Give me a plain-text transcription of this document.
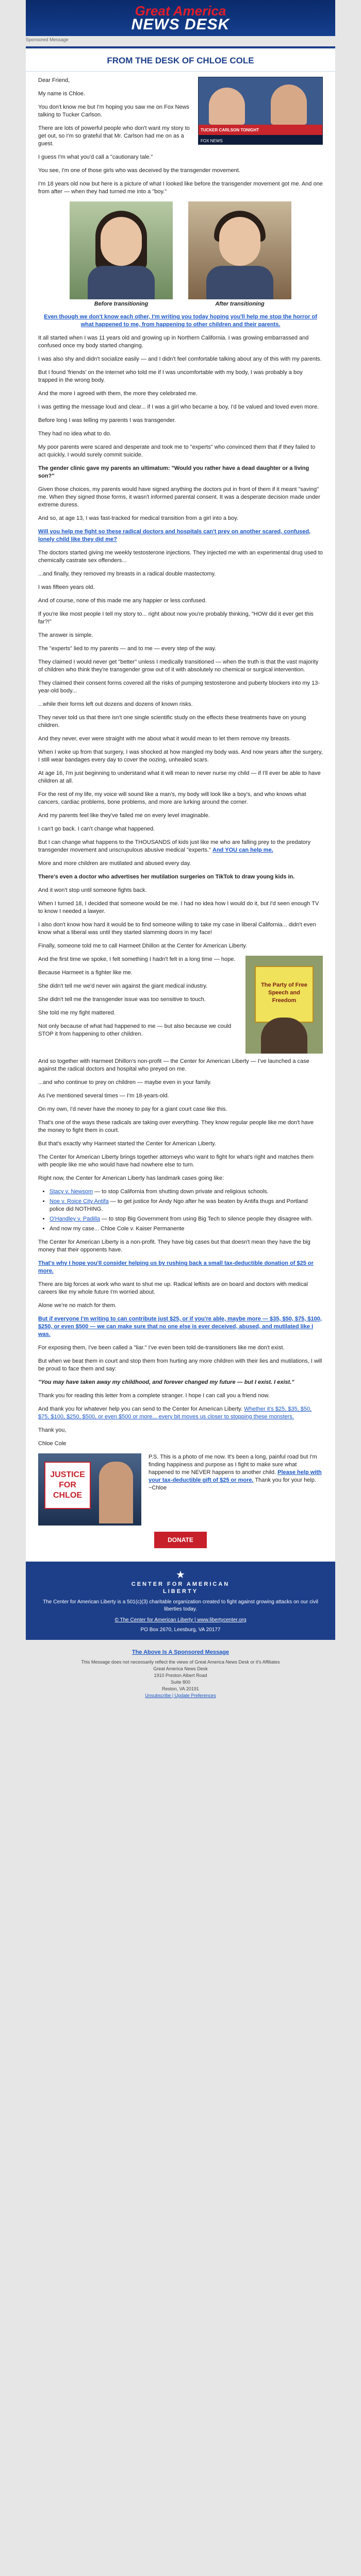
Great America
NEWS DESK
Sponsored Message
FROM THE DESK OF CHLOE COLE

Dear Friend,

My name is Chloe.

You don't know me but I'm hoping you saw me on Fox News talking to Tucker Carlson.

There are lots of powerful people who don't want my story to get out, so I'm so grateful that Mr. Carlson had me on as a guest.

TUCKER CARLSON TONIGHT
FOX NEWS

I guess I'm what you'd call a "cautionary tale."

You see, I'm one of those girls who was deceived by the transgender movement.

I'm 18 years old now but here is a picture of what I looked like before the transgender movement got me. And one from after — when they had turned me into a "boy."

Before transitioning	After transitioning

Even though we don't know each other, I'm writing you today hoping you'll help me stop the horror of what happened to me, from happening to other children and their parents.

It all started when I was 11 years old and growing up in Northern California. I was growing embarrassed and confused once my body started changing.

I was also shy and didn't socialize easily — and I didn't feel comfortable talking about any of this with my parents.

But I found 'friends' on the internet who told me if I was uncomfortable with my body, I was probably a boy trapped in the wrong body.

And the more I agreed with them, the more they celebrated me.

I was getting the message loud and clear... if I was a girl who became a boy, I'd be valued and loved even more.

Before long I was telling my parents I was transgender.

They had no idea what to do.

My poor parents were scared and desperate and took me to "experts" who convinced them that if they failed to act quickly, I would surely commit suicide.

The gender clinic gave my parents an ultimatum: "Would you rather have a dead daughter or a living son?"

Given those choices, my parents would have signed anything the doctors put in front of them if it meant "saving" me. When they signed those forms, it wasn't informed parental consent. It was a desperate decision made under extreme duress.

And so, at age 13, I was fast-tracked for medical transition from a girl into a boy.

Will you help me fight so these radical doctors and hospitals can't prey on another scared, confused, lonely child like they did me?

The doctors started giving me weekly testosterone injections. They injected me with an experimental drug used to chemically castrate sex offenders...

...and finally, they removed my breasts in a radical double mastectomy.

I was fifteen years old.

And of course, none of this made me any happier or less confused.

If you're like most people I tell my story to... right about now you're probably thinking, "HOW did it ever get this far?!"

The answer is simple.

The "experts" lied to my parents — and to me — every step of the way.

They claimed I would never get "better" unless I medically transitioned — when the truth is that the vast majority of children who think they're transgender grow out of it with absolutely no chemical or surgical intervention.

They claimed their consent forms covered all the risks of pumping testosterone and puberty blockers into my 13-year-old body...

...while their forms left out dozens and dozens of known risks.

They never told us that there isn't one single scientific study on the effects these treatments have on young children.

And they never, ever were straight with me about what it would mean to let them remove my breasts.

When I woke up from that surgery, I was shocked at how mangled my body was. And now years after the surgery, I still wear bandages every day to cover the oozing, unhealed scars.

At age 16, I'm just beginning to understand what it will mean to never nurse my child — if I'll ever be able to have children at all.

For the rest of my life, my voice will sound like a man's, my body will look like a boy's, and who knows what cancers, cardiac problems, bone problems, and more are lurking around the corner.

And my parents feel like they've failed me on every level imaginable.

I can't go back. I can't change what happened.

But I can change what happens to the THOUSANDS of kids just like me who are falling prey to the predatory transgender movement and unscrupulous abusive medical "experts." And YOU can help me.

More and more children are mutilated and abused every day.

There's even a doctor who advertises her mutilation surgeries on TikTok to draw young kids in.

And it won't stop until someone fights back.

When I turned 18, I decided that someone would be me. I had no idea how I would do it, but I'd seen enough TV to know I needed a lawyer.

I also don't know how hard it would be to find someone willing to take my case in liberal California... didn't even know what a liberal was until they started slamming doors in my face!

Finally, someone told me to call Harmeet Dhillon at the Center for American Liberty.

The Party of Free Speech and Freedom

And the first time we spoke, I felt something I hadn't felt in a long time — hope.

Because Harmeet is a fighter like me.

She didn't tell me we'd never win against the giant medical industry.

She didn't tell me the transgender issue was too sensitive to touch.

She told me my fight mattered.

Not only because of what had happened to me — but also because we could STOP it from happening to other children.

And so together with Harmeet Dhillon's non-profit — the Center for American Liberty — I've launched a case against the radical doctors and hospital who preyed on me.

...and who continue to prey on children — maybe even in your family.

As I've mentioned several times — I'm 18-years-old.

On my own, I'd never have the money to pay for a giant court case like this.

That's one of the ways these radicals are taking over everything. They know regular people like me don't have the money to fight them in court.

But that's exactly why Harmeet started the Center for American Liberty.

The Center for American Liberty brings together attorneys who want to fight for what's right and matches them with people like me who would have had nowhere else to turn.

Right now, the Center for American Liberty has landmark cases going like:

• Stacy v. Newsom — to stop California from shutting down private and religious schools.
• Noe v. Roice City Antifa — to get justice for Andy Ngo after he was beaten by Antifa thugs and Portland police did NOTHING.
• O'Handley v. Padilla — to stop Big Government from using Big Tech to silence people they disagree with.
• And now my case... Chloe Cole v. Kaiser Permanente

The Center for American Liberty is a non-profit. They have big cases but that doesn't mean they have the big money that their opponents have.

That's why I hope you'll consider helping us by rushing back a small tax-deductible donation of $25 or more.

There are big forces at work who want to shut me up. Radical leftists are on board and doctors with medical careers like my whole future I'm worried about.

Alone we're no match for them.

But if everyone I'm writing to can contribute just $25, or if you're able, maybe more — $35, $50, $75, $100, $250, or even $500 — we can make sure that no one else is ever deceived, abused, and mutilated like I was.

For exposing them, I've been called a "liar." I've even been told de-transitioners like me don't exist.

But when we beat them in court and stop them from hurting any more children with their lies and mutilations, I will be proud to face them and say:

"You may have taken away my childhood, and forever changed my future — but I exist. I exist."

Thank you for reading this letter from a complete stranger. I hope I can call you a friend now.

And thank you for whatever help you can send to the Center for American Liberty. Whether it's $25, $35, $50, $75, $100, $250, $500, or even $500 or more... every bit moves us closer to stopping these monsters.

Thank you,

Chloe Cole

JUSTICE FOR CHLOE
P.S. This is a photo of me now. It's been a long, painful road but I'm finding happiness and purpose as I fight to make sure what happened to me NEVER happens to another child. Please help with your tax-deductible gift of $25 or more. Thank you for your help. ~Chloe
DONATE
★
CENTER FOR AMERICAN
LIBERTY
The Center for American Liberty is a 501(c)(3) charitable organization created to fight against growing attacks on our civil liberties today.
© The Center for American Liberty | www.libertycenter.org
PO Box 2670, Leesburg, VA 20177
The Above Is A Sponsored Message
This Message does not necessarily reflect the views of Great America News Desk or it's Affiliates
Great America News Desk
1910 Preston Albert Road
Suite 800
Reston, VA 20191
Unsubscribe | Update Preferences
